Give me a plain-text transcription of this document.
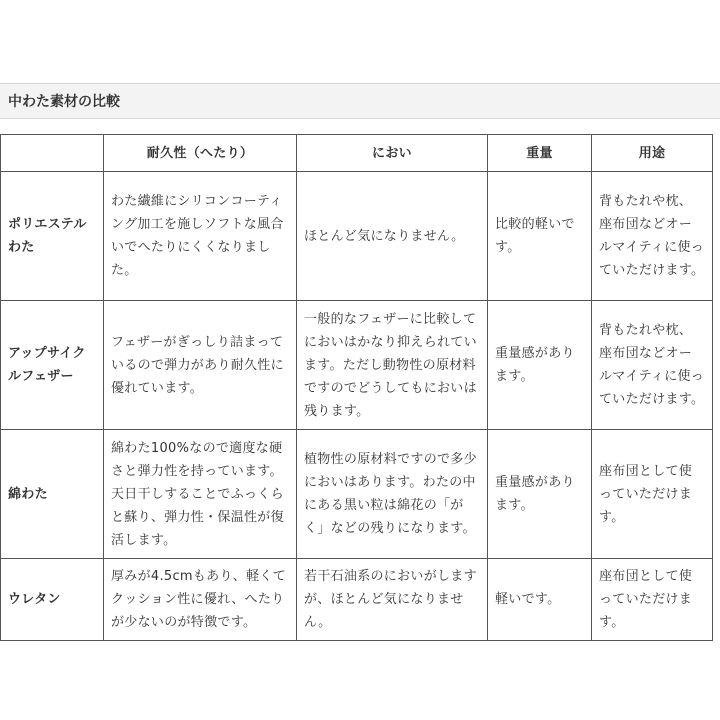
中わた素材の比較
	耐久性（へたり）	におい	重量	用途

ポリエステル
わた	わた繊維にシリコンコーティング加工を施しソフトな風合いでへたりにくくなりました。	ほとんど気になりません。	比較的軽いです。	背もたれや枕、座布団などオールマイティに使っていただけます。

アップサイク
ルフェザー	フェザーがぎっしり詰まっているので弾力があり耐久性に優れています。	一般的なフェザーに比較してにおいはかなり抑えられています。ただし動物性の原材料ですのでどうしてもにおいは残ります。	重量感があります。	背もたれや枕、座布団などオールマイティに使っていただけます。

綿わた	綿わた100%なので適度な硬さと弾力性を持っています。天日干しすることでふっくらと蘇り、弾力性・保温性が復活します。	植物性の原材料ですので多少においはあります。わたの中にある黒い粒は綿花の「がく」などの残りになります。	重量感があります。	座布団として使っていただけます。

ウレタン	厚みが4.5cmもあり、軽くてクッション性に優れ、へたりが少ないのが特徴です。	若干石油系のにおいがしますが、ほとんど気になりません。	軽いです。	座布団として使っていただけます。
